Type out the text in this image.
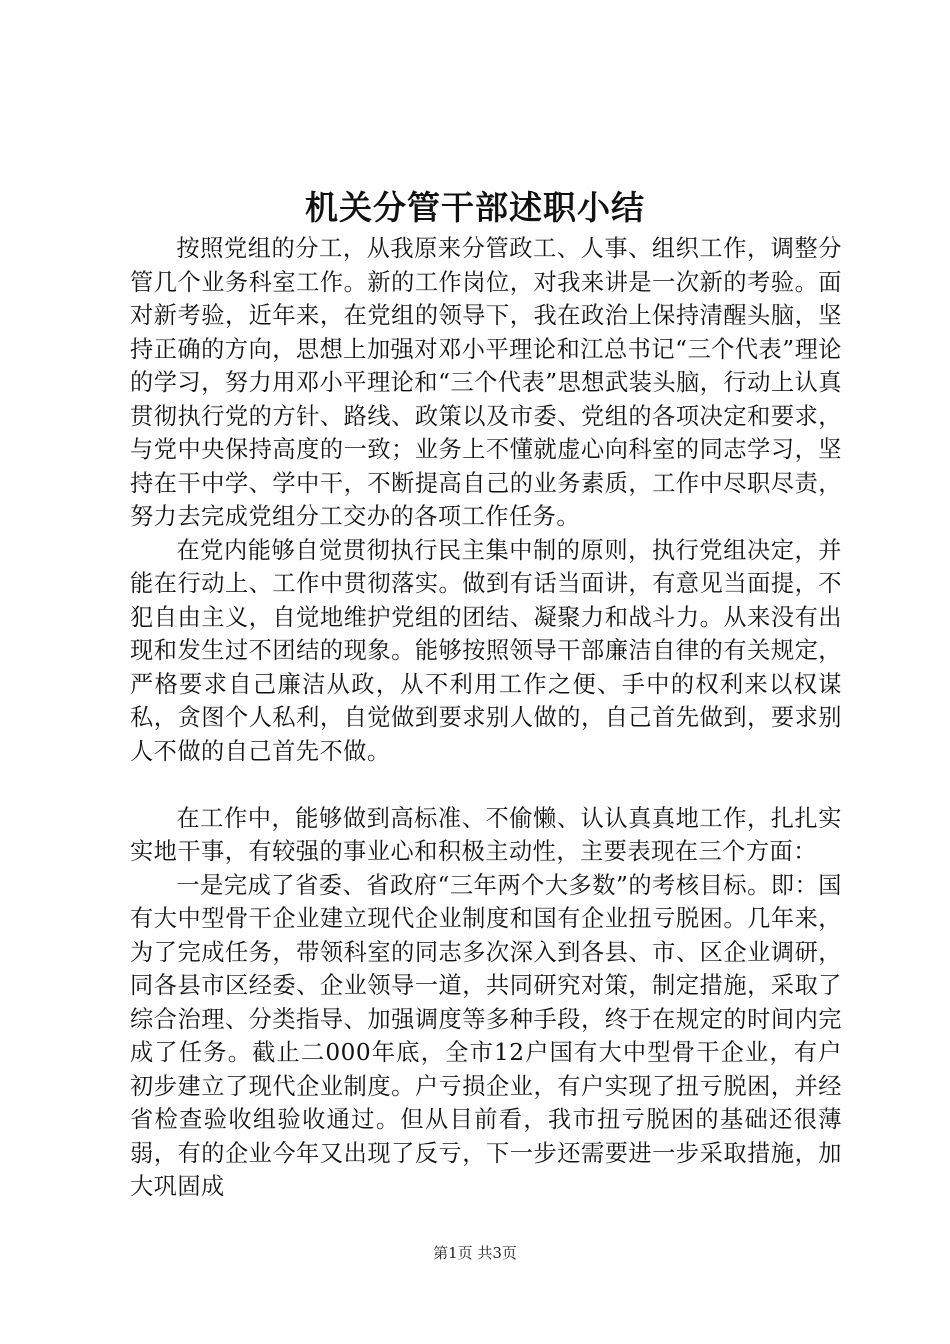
机关分管干部述职小结

按照党组的分工，从我原来分管政工、人事、组织工作，调整分管几个业务科室工作。新的工作岗位，对我来讲是一次新的考验。面对新考验，近年来，在党组的领导下，我在政治上保持清醒头脑，坚持正确的方向，思想上加强对邓小平理论和江总书记“三个代表”理论的学习，努力用邓小平理论和“三个代表”思想武装头脑，行动上认真贯彻执行党的方针、路线、政策以及市委、党组的各项决定和要求，与党中央保持高度的一致；业务上不懂就虚心向科室的同志学习，坚持在干中学、学中干，不断提高自己的业务素质，工作中尽职尽责，努力去完成党组分工交办的各项工作任务。

在党内能够自觉贯彻执行民主集中制的原则，执行党组决定，并能在行动上、工作中贯彻落实。做到有话当面讲，有意见当面提，不犯自由主义，自觉地维护党组的团结、凝聚力和战斗力。从来没有出现和发生过不团结的现象。能够按照领导干部廉洁自律的有关规定，严格要求自己廉洁从政，从不利用工作之便、手中的权利来以权谋私，贪图个人私利，自觉做到要求别人做的，自己首先做到，要求别人不做的自己首先不做。

在工作中，能够做到高标准、不偷懒、认认真真地工作，扎扎实实地干事，有较强的事业心和积极主动性，主要表现在三个方面：

一是完成了省委、省政府“三年两个大多数”的考核目标。即：国有大中型骨干企业建立现代企业制度和国有企业扭亏脱困。几年来，为了完成任务，带领科室的同志多次深入到各县、市、区企业调研，同各县市区经委、企业领导一道，共同研究对策，制定措施，采取了综合治理、分类指导、加强调度等多种手段，终于在规定的时间内完成了任务。截止二000年底，全市12户国有大中型骨干企业，有户初步建立了现代企业制度。户亏损企业，有户实现了扭亏脱困，并经省检查验收组验收通过。但从目前看，我市扭亏脱困的基础还很薄弱，有的企业今年又出现了反亏，下一步还需要进一步采取措施，加大巩固成

第1页 共3页
